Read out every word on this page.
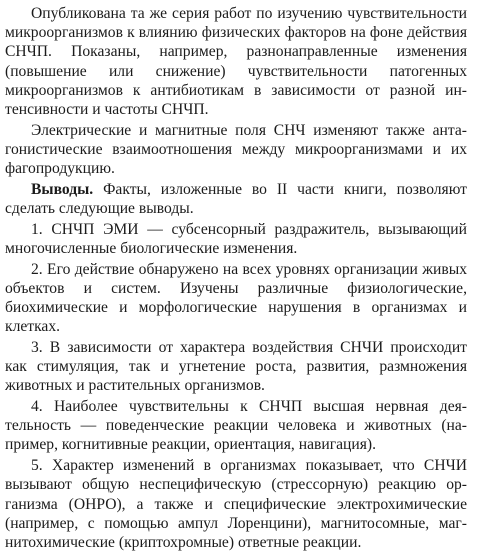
Опубликована та же серия работ по изучению чувствительности микроорганизмов к влиянию физических факторов на фоне действия СНЧП. Показаны, например, разнонаправленные изменения (повышение или снижение) чувствительности патогенных микроорганизмов к антибиотикам в зависимости от разной интенсивности и частоты СНЧП.

Электрические и магнитные поля СНЧ изменяют также антагонистические взаимоотношения между микроорганизмами и их фагопродукцию.

Выводы. Факты, изложенные во II части книги, позволяют сделать следующие выводы.

1. СНЧП ЭМИ — субсенсорный раздражитель, вызывающий многочисленные биологические изменения.

2. Его действие обнаружено на всех уровнях организации живых объектов и систем. Изучены различные физиологические, биохимические и морфологические нарушения в организмах и клетках.

3. В зависимости от характера воздействия СНЧИ происходит как стимуляция, так и угнетение роста, развития, размножения животных и растительных организмов.

4. Наиболее чувствительны к СНЧП высшая нервная деятельность — поведенческие реакции человека и животных (например, когнитивные реакции, ориентация, навигация).

5. Характер изменений в организмах показывает, что СНЧИ вызывают общую неспецифическую (стрессорную) реакцию организма (ОНРО), а также и специфические электрохимические (например, с помощью ампул Лоренцини), магнитосомные, магнитохимические (криптохромные) ответные реакции.
